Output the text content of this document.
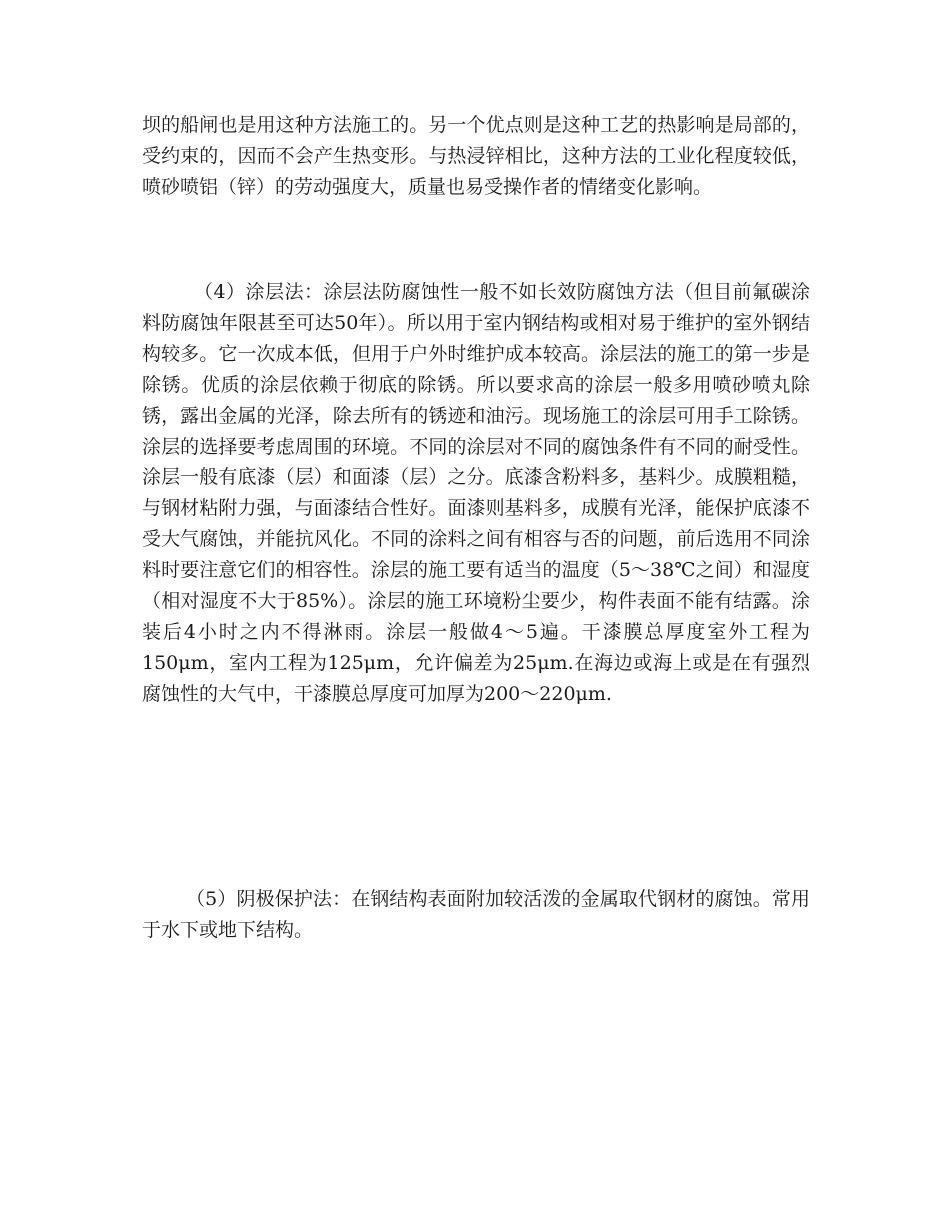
坝的船闸也是用这种方法施工的。另一个优点则是这种工艺的热影响是局部的，受约束的，因而不会产生热变形。与热浸锌相比，这种方法的工业化程度较低，喷砂喷铝（锌）的劳动强度大，质量也易受操作者的情绪变化影响。

（4）涂层法：涂层法防腐蚀性一般不如长效防腐蚀方法（但目前氟碳涂料防腐蚀年限甚至可达50年）。所以用于室内钢结构或相对易于维护的室外钢结构较多。它一次成本低，但用于户外时维护成本较高。涂层法的施工的第一步是除锈。优质的涂层依赖于彻底的除锈。所以要求高的涂层一般多用喷砂喷丸除锈，露出金属的光泽，除去所有的锈迹和油污。现场施工的涂层可用手工除锈。涂层的选择要考虑周围的环境。不同的涂层对不同的腐蚀条件有不同的耐受性。涂层一般有底漆（层）和面漆（层）之分。底漆含粉料多，基料少。成膜粗糙，与钢材粘附力强，与面漆结合性好。面漆则基料多，成膜有光泽，能保护底漆不受大气腐蚀，并能抗风化。不同的涂料之间有相容与否的问题，前后选用不同涂料时要注意它们的相容性。涂层的施工要有适当的温度（5～38℃之间）和湿度（相对湿度不大于85%）。涂层的施工环境粉尘要少，构件表面不能有结露。涂装后4小时之内不得淋雨。涂层一般做4～5遍。干漆膜总厚度室外工程为150μm，室内工程为125μm，允许偏差为25μm.在海边或海上或是在有强烈腐蚀性的大气中，干漆膜总厚度可加厚为200～220μm.

（5）阴极保护法：在钢结构表面附加较活泼的金属取代钢材的腐蚀。常用于水下或地下结构。
